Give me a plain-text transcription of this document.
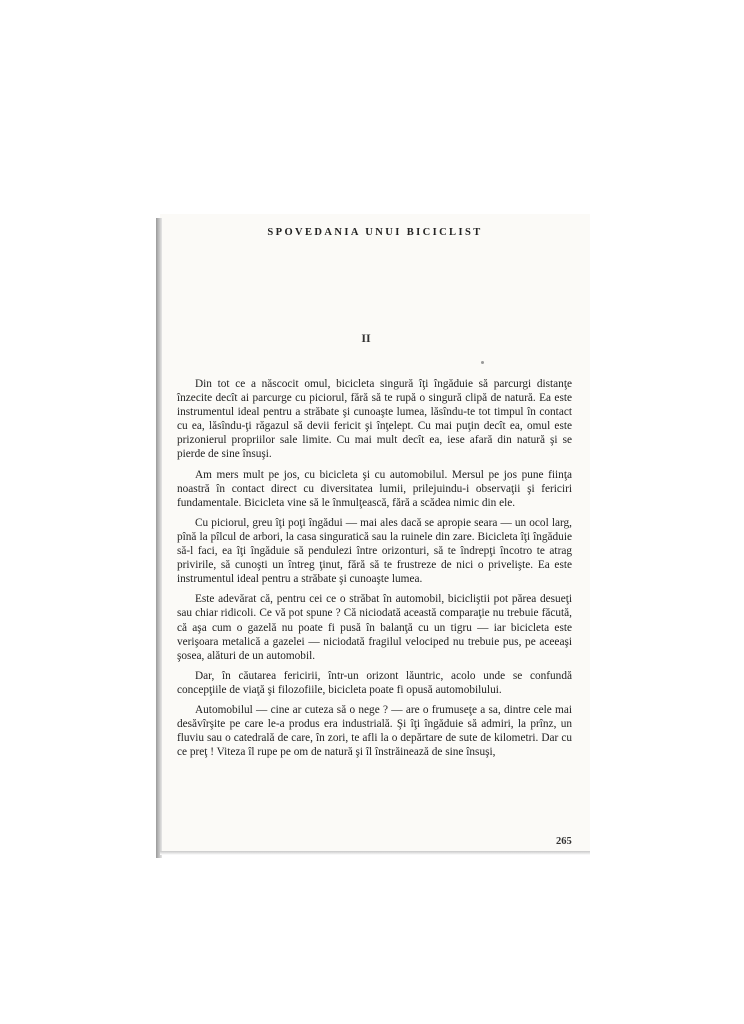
SPOVEDANIA UNUI BICICLIST
II

Din tot ce a născocit omul, bicicleta singură îţi îngăduie să parcurgi distanţe înzecite decît ai parcurge cu piciorul, fără să te rupă o singură clipă de natură. Ea este instrumentul ideal pentru a străbate şi cunoaşte lumea, lăsîndu-te tot timpul în contact cu ea, lăsîndu-ţi răgazul să devii fericit şi înţelept. Cu mai puţin decît ea, omul este prizonierul propriilor sale limite. Cu mai mult decît ea, iese afară din natură şi se pierde de sine însuşi.

Am mers mult pe jos, cu bicicleta şi cu automobilul. Mersul pe jos pune fiinţa noastră în contact direct cu diversitatea lumii, prilejuindu-i observaţii şi fericiri fundamentale. Bicicleta vine să le înmulţească, fără a scădea nimic din ele.

Cu piciorul, greu îţi poţi îngădui — mai ales dacă se apropie seara — un ocol larg, pînă la pîlcul de arbori, la casa singuratică sau la ruinele din zare. Bicicleta îţi îngăduie să-l faci, ea îţi îngăduie să pendulezi între orizonturi, să te îndrepţi încotro te atrag privirile, să cunoşti un întreg ţinut, fără să te frustreze de nici o privelişte. Ea este instrumentul ideal pentru a străbate şi cunoaşte lumea.

Este adevărat că, pentru cei ce o străbat în automobil, bicicliştii pot părea desueţi sau chiar ridicoli. Ce vă pot spune ? Că niciodată această comparaţie nu trebuie făcută, că aşa cum o gazelă nu poate fi pusă în balanţă cu un tigru — iar bicicleta este verişoara metalică a gazelei — niciodată fragilul velociped nu trebuie pus, pe aceeaşi şosea, alături de un automobil.

Dar, în căutarea fericirii, într-un orizont lăuntric, acolo unde se confundă concepţiile de viaţă şi filozofiile, bicicleta poate fi opusă automobilului.

Automobilul — cine ar cuteza să o nege ? — are o frumuseţe a sa, dintre cele mai desăvîrşite pe care le-a produs era industrială. Şi îţi îngăduie să admiri, la prînz, un fluviu sau o catedrală de care, în zori, te afli la o depărtare de sute de kilometri. Dar cu ce preţ ! Viteza îl rupe pe om de natură şi îl înstrăinează de sine însuşi,

265
